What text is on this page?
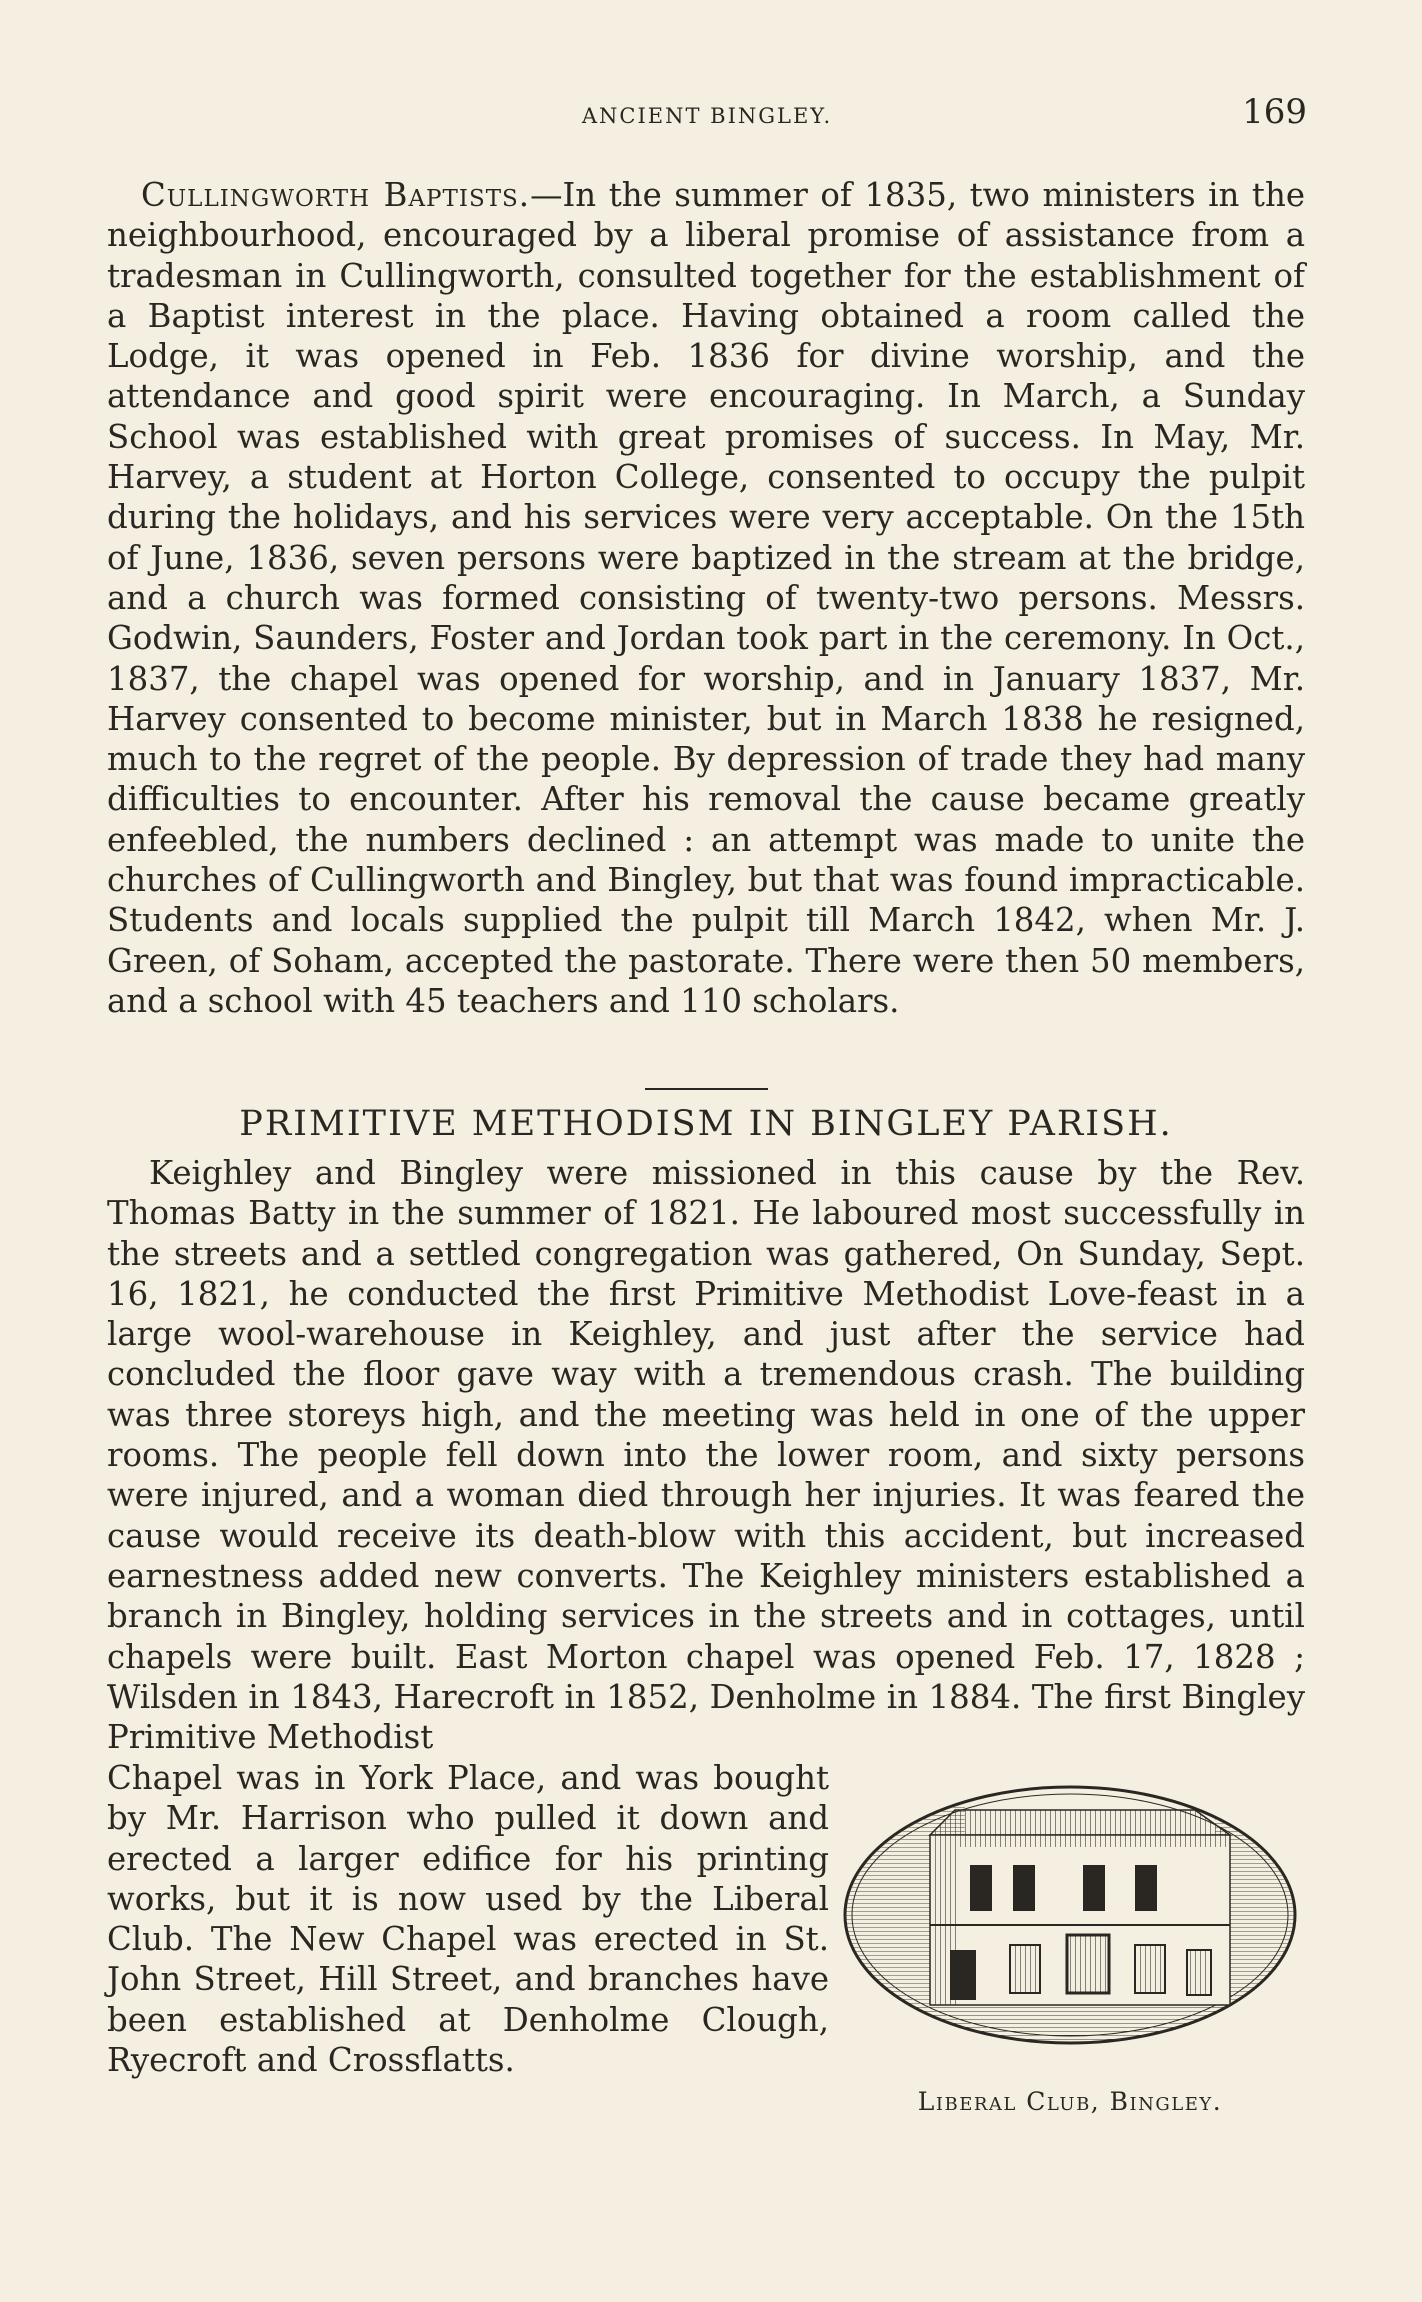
ANCIENT BINGLEY.	169

Cullingworth Baptists.—In the summer of 1835, two ministers in the neighbourhood, encouraged by a liberal promise of assistance from a tradesman in Cullingworth, consulted together for the establishment of a Baptist interest in the place. Having obtained a room called the Lodge, it was opened in Feb. 1836 for divine worship, and the attendance and good spirit were encouraging. In March, a Sunday School was established with great promises of success. In May, Mr. Harvey, a student at Horton College, consented to occupy the pulpit during the holidays, and his services were very acceptable. On the 15th of June, 1836, seven persons were baptized in the stream at the bridge, and a church was formed consisting of twenty-two persons. Messrs. Godwin, Saunders, Foster and Jordan took part in the ceremony. In Oct., 1837, the chapel was opened for worship, and in January 1837, Mr. Harvey consented to become minister, but in March 1838 he resigned, much to the regret of the people. By depression of trade they had many difficulties to encounter. After his removal the cause became greatly enfeebled, the numbers declined : an attempt was made to unite the churches of Cullingworth and Bingley, but that was found impracticable. Students and locals supplied the pulpit till March 1842, when Mr. J. Green, of Soham, accepted the pastorate. There were then 50 members, and a school with 45 teachers and 110 scholars.

PRIMITIVE METHODISM IN BINGLEY PARISH.

Keighley and Bingley were missioned in this cause by the Rev. Thomas Batty in the summer of 1821. He laboured most successfully in the streets and a settled congregation was gathered, On Sunday, Sept. 16, 1821, he conducted the first Primitive Methodist Love-feast in a large wool-warehouse in Keighley, and just after the service had concluded the floor gave way with a tremendous crash. The building was three storeys high, and the meeting was held in one of the upper rooms. The people fell down into the lower room, and sixty persons were injured, and a woman died through her injuries. It was feared the cause would receive its death-blow with this accident, but increased earnestness added new converts. The Keighley ministers established a branch in Bingley, holding services in the streets and in cottages, until chapels were built. East Morton chapel was opened Feb. 17, 1828 ; Wilsden in 1843, Harecroft in 1852, Denholme in 1884. The first Bingley Primitive Methodist

Chapel was in York Place, and was bought by Mr. Harrison who pulled it down and erected a larger edifice for his printing works, but it is now used by the Liberal Club. The New Chapel was erected in St. John Street, Hill Street, and branches have been established at Denholme Clough, Ryecroft and Crossflatts.

Liberal Club, Bingley.
